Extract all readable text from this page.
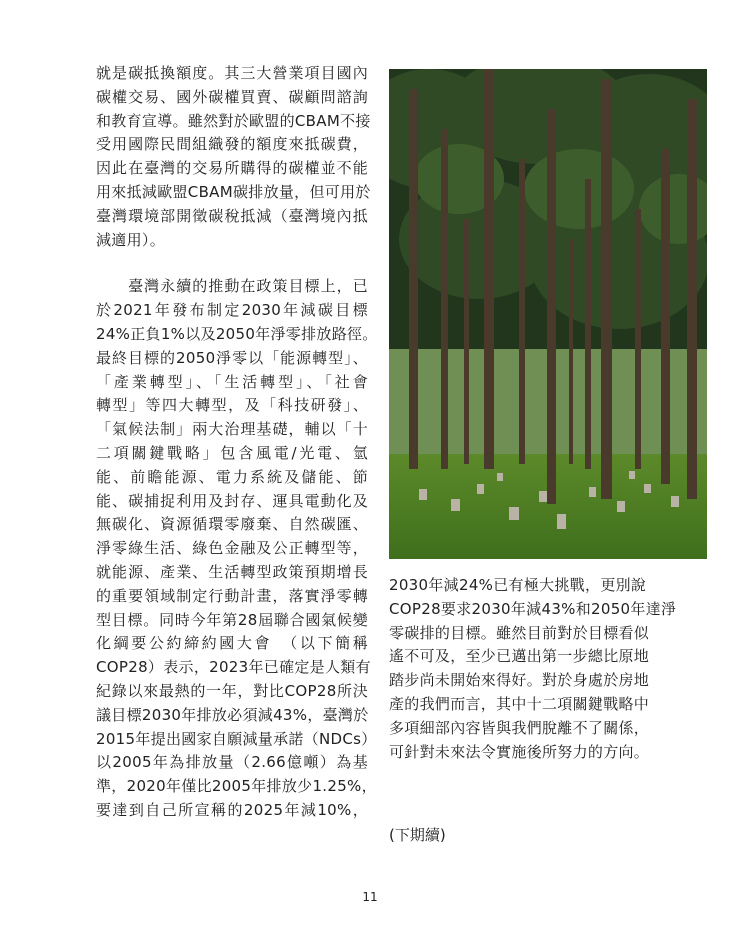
就是碳抵換額度。其三大營業項目國內
碳權交易、國外碳權買賣、碳顧問諮詢
和教育宣導。雖然對於歐盟的CBAM不接
受用國際民間組織發的額度來抵碳費，
因此在臺灣的交易所購得的碳權並不能
用來抵減歐盟CBAM碳排放量，但可用於
臺灣環境部開徵碳稅抵減（臺灣境內抵
減適用）。
　　臺灣永續的推動在政策目標上，已
於2021年發布制定2030年減碳目標
24%正負1%以及2050年淨零排放路徑。
最終目標的2050淨零以「能源轉型」、
「產業轉型」、「生活轉型」、「社會
轉型」等四大轉型，及「科技研發」、
「氣候法制」兩大治理基礎，輔以「十
二項關鍵戰略」包含風電/光電、氫
能、前瞻能源、電力系統及儲能、節
能、碳捕捉利用及封存、運具電動化及
無碳化、資源循環零廢棄、自然碳匯、
淨零綠生活、綠色金融及公正轉型等，
就能源、產業、生活轉型政策預期增長
的重要領域制定行動計畫，落實淨零轉
型目標。同時今年第28屆聯合國氣候變
化綱要公約締約國大會　（以下簡稱
COP28）表示，2023年已確定是人類有
紀錄以來最熱的一年，對比COP28所決
議目標2030年排放必須減43%，臺灣於
2015年提出國家自願減量承諾（NDCs）
以2005年為排放量（2.66億噸）為基
準，2020年僅比2005年排放少1.25%，
要達到自己所宣稱的2025年減10%，
2030年減24%已有極大挑戰，更別說
COP28要求2030年減43%和2050年達淨
零碳排的目標。雖然目前對於目標看似
遙不可及，至少已邁出第一步總比原地
踏步尚未開始來得好。對於身處於房地
產的我們而言，其中十二項關鍵戰略中
多項細部內容皆與我們脫離不了關係，
可針對未來法令實施後所努力的方向。
(下期續)
11
